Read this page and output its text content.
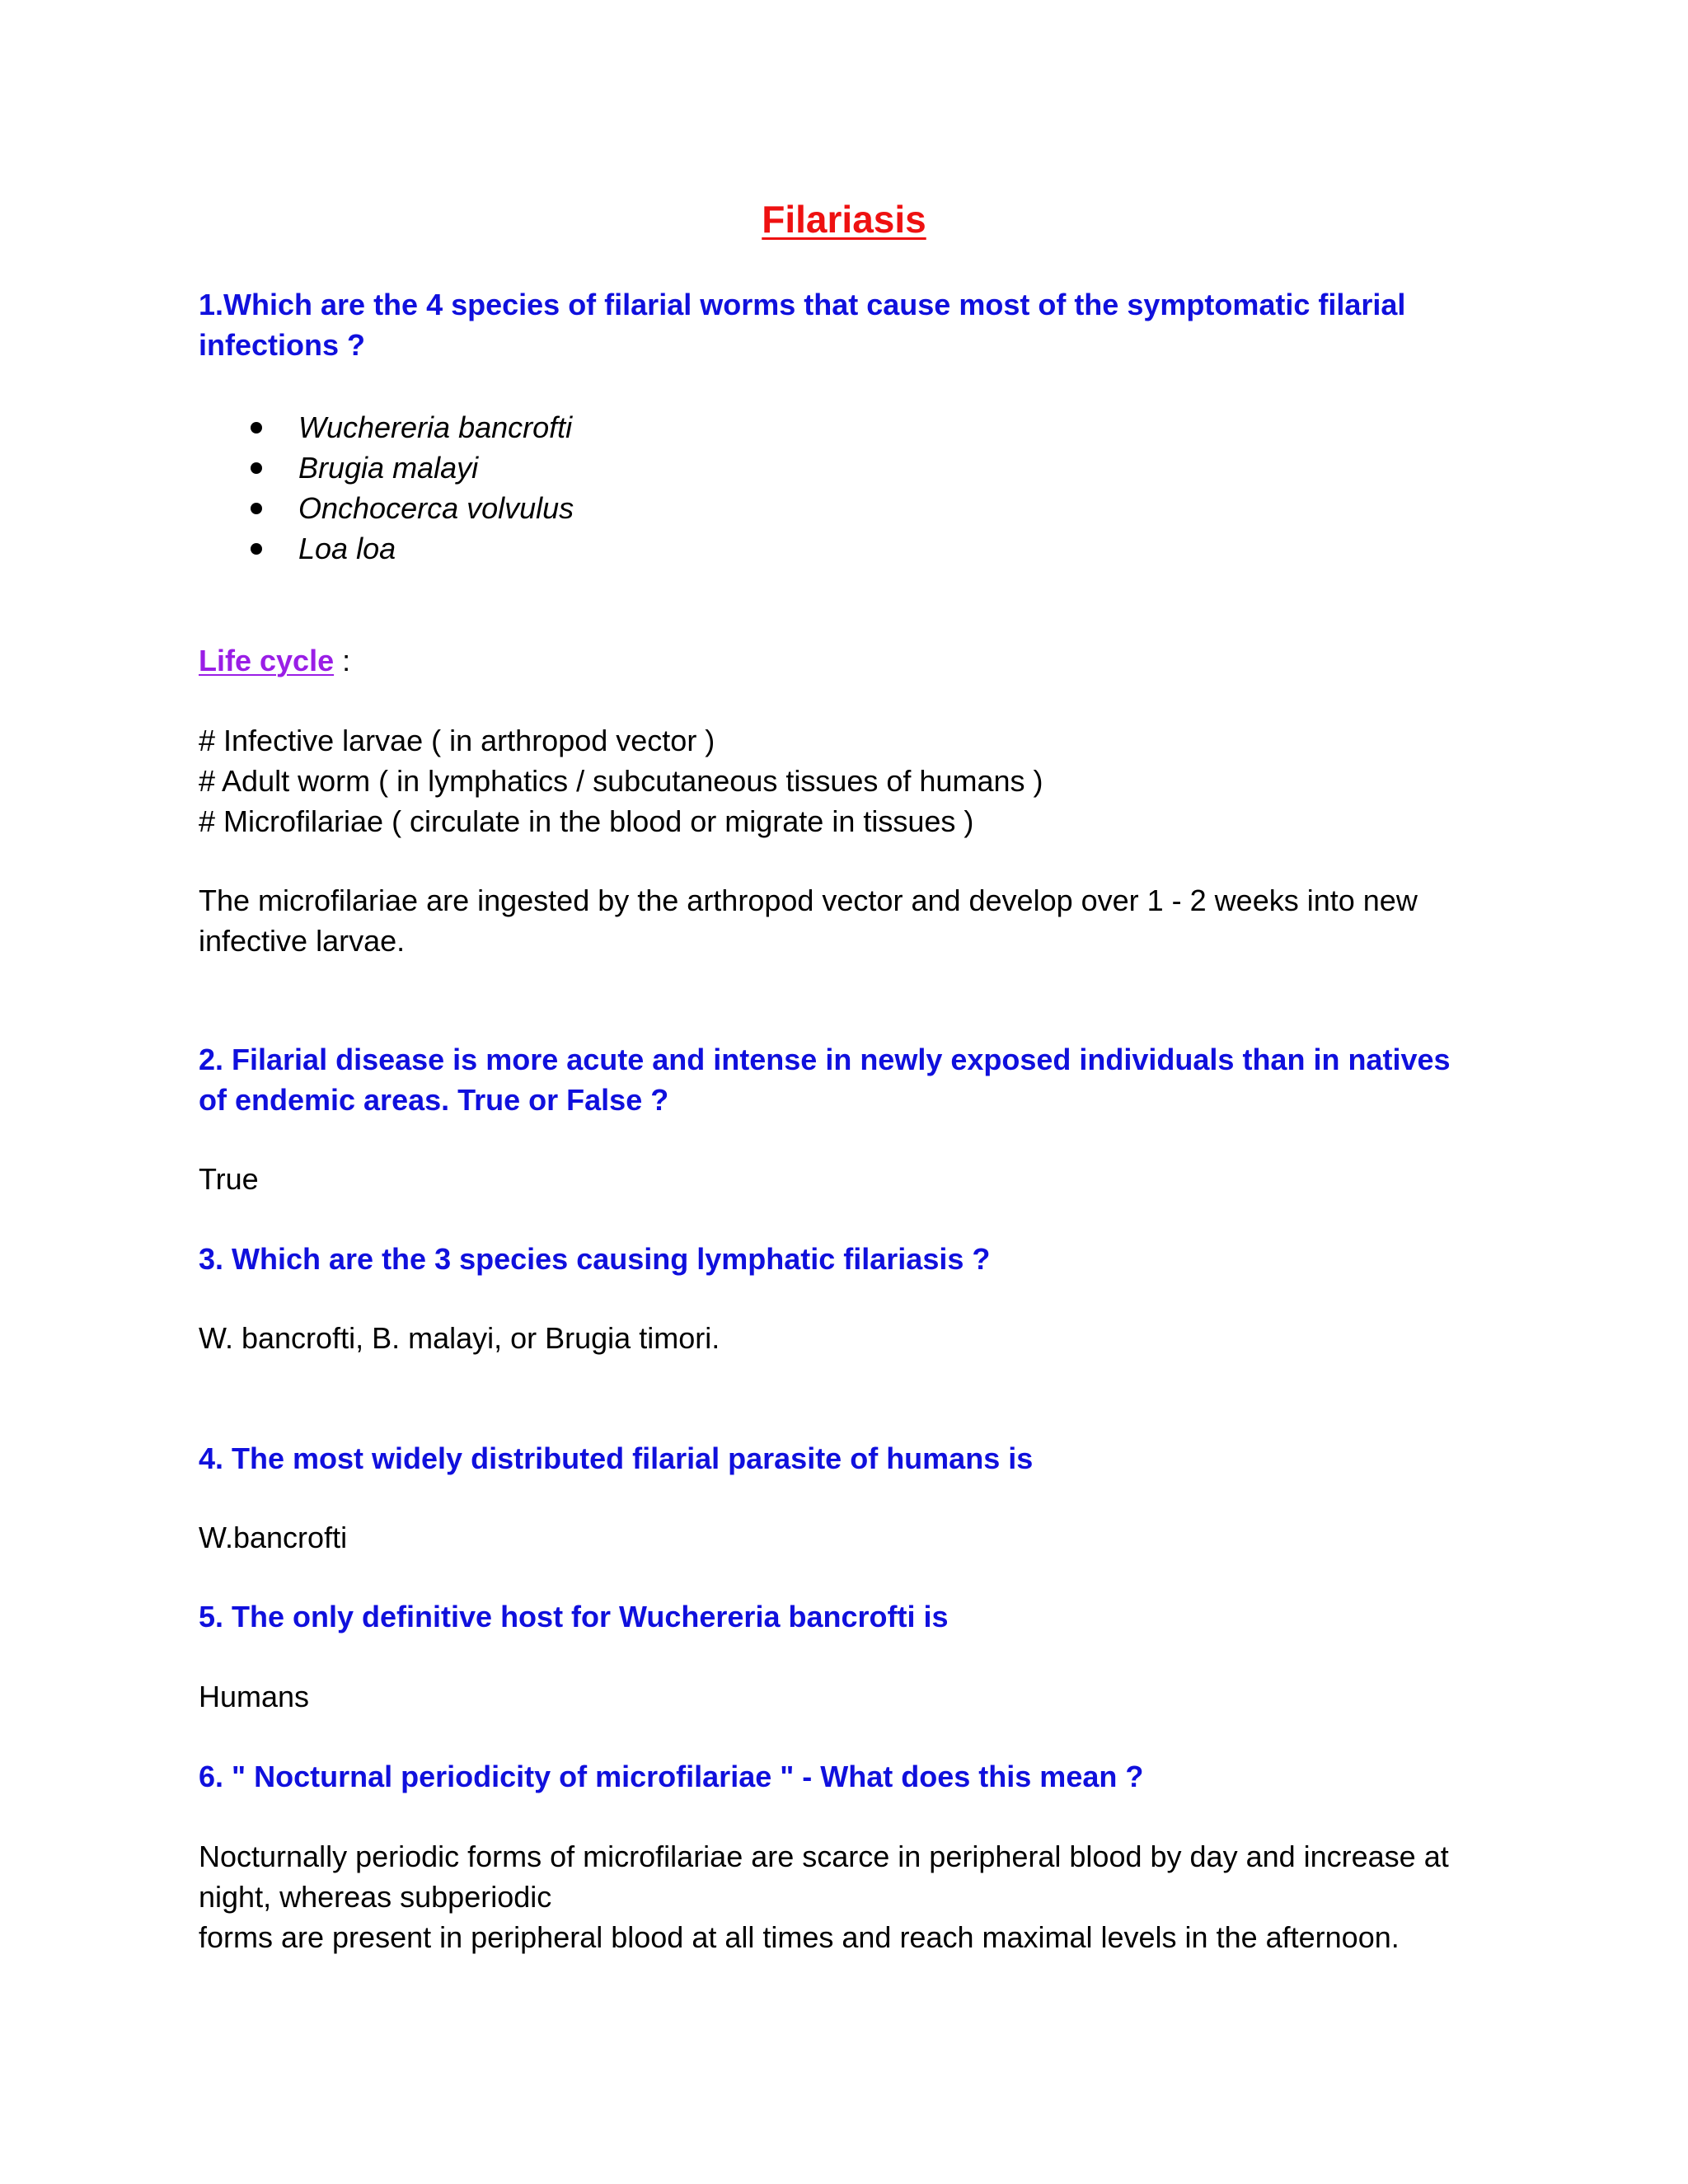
Filariasis
1.Which are the 4 species of filarial worms that cause most of the symptomatic filarial
infections ?
Wuchereria bancrofti
Brugia malayi
Onchocerca volvulus
Loa loa
Life cycle :
# Infective larvae ( in arthropod vector )
# Adult worm ( in lymphatics / subcutaneous tissues of humans )
# Microfilariae ( circulate in the blood or migrate in tissues )
The microfilariae are ingested by the arthropod vector and develop over 1 - 2 weeks into new
infective larvae.
2. Filarial disease is more acute and intense in newly exposed individuals than in natives
of endemic areas. True or False ?
True
3. Which are the 3 species causing lymphatic filariasis ?
W. bancrofti, B. malayi, or Brugia timori.
4. The most widely distributed filarial parasite of humans is
W.bancrofti
5. The only definitive host for Wuchereria bancrofti is
Humans
6. " Nocturnal periodicity of microfilariae " - What does this mean ?
Nocturnally periodic forms of microfilariae are scarce in peripheral blood by day and increase at
night, whereas subperiodic
forms are present in peripheral blood at all times and reach maximal levels in the afternoon.
